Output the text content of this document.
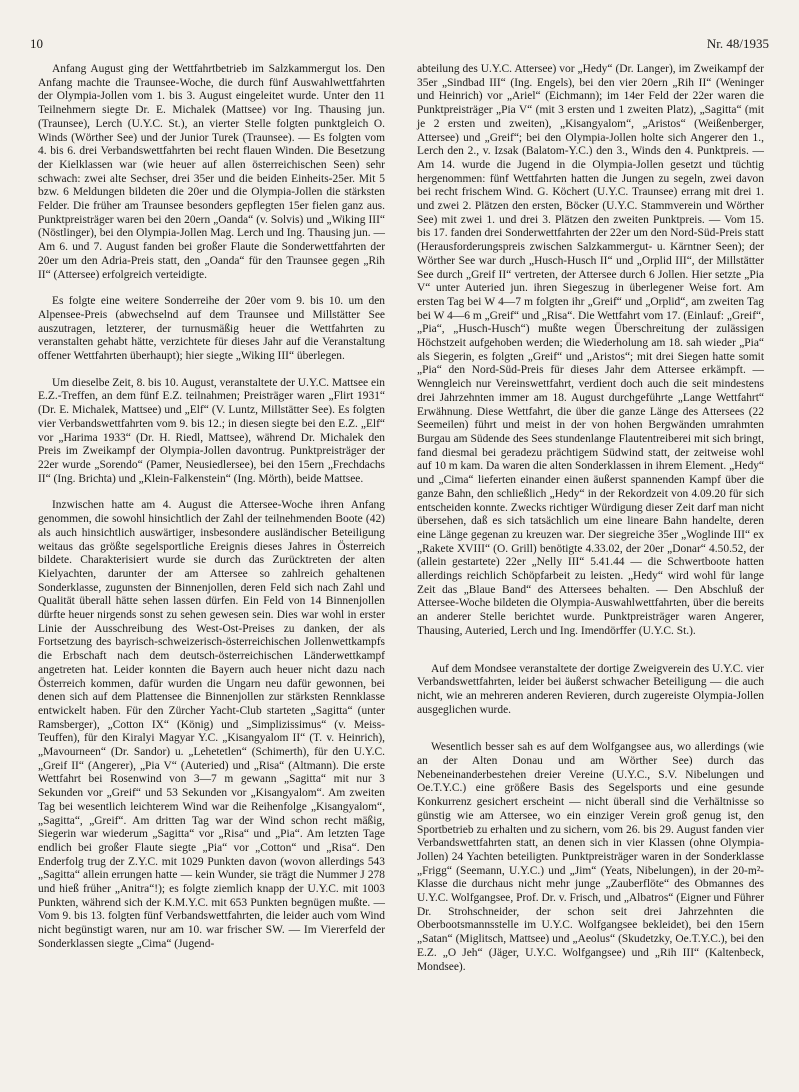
10	Nr. 48/1935

Anfang August ging der Wettfahrtbetrieb im Salzkammergut los. Den Anfang machte die Traunsee-Woche, die durch fünf Auswahlwettfahrten der Olympia-Jollen vom 1. bis 3. August eingeleitet wurde. Unter den 11 Teilnehmern siegte Dr. E. Michalek (Mattsee) vor Ing. Thausing jun. (Traunsee), Lerch (U.Y.C. St.), an vierter Stelle folgten punktgleich O. Winds (Wörther See) und der Junior Turek (Traunsee). — Es folgten vom 4. bis 6. drei Verbandswettfahrten bei recht flauen Winden. Die Besetzung der Kielklassen war (wie heuer auf allen österreichischen Seen) sehr schwach: zwei alte Sechser, drei 35er und die beiden Einheits-25er. Mit 5 bzw. 6 Meldungen bildeten die 20er und die Olympia-Jollen die stärksten Felder. Die früher am Traunsee besonders gepflegten 15er fielen ganz aus. Punktpreisträger waren bei den 20ern „Oanda“ (v. Solvis) und „Wiking III“ (Nöstlinger), bei den Olympia-Jollen Mag. Lerch und Ing. Thausing jun. — Am 6. und 7. August fanden bei großer Flaute die Sonderwettfahrten der 20er um den Adria-Preis statt, den „Oanda“ für den Traunsee gegen „Rih II“ (Attersee) erfolgreich verteidigte.

Es folgte eine weitere Sonderreihe der 20er vom 9. bis 10. um den Alpensee-Preis (abwechselnd auf dem Traunsee und Millstätter See auszutragen, letzterer, der turnusmäßig heuer die Wettfahrten zu veranstalten gehabt hätte, verzichtete für dieses Jahr auf die Veranstaltung offener Wettfahrten überhaupt); hier siegte „Wiking III“ überlegen.

Um dieselbe Zeit, 8. bis 10. August, veranstaltete der U.Y.C. Mattsee ein E.Z.-Treffen, an dem fünf E.Z. teilnahmen; Preisträger waren „Flirt 1931“ (Dr. E. Michalek, Mattsee) und „Elf“ (V. Luntz, Millstätter See). Es folgten vier Verbandswettfahrten vom 9. bis 12.; in diesen siegte bei den E.Z. „Elf“ vor „Harima 1933“ (Dr. H. Riedl, Mattsee), während Dr. Michalek den Preis im Zweikampf der Olympia-Jollen davontrug. Punktpreisträger der 22er wurde „Sorendo“ (Pamer, Neusiedlersee), bei den 15ern „Frechdachs II“ (Ing. Brichta) und „Klein-Falkenstein“ (Ing. Mörth), beide Mattsee.

Inzwischen hatte am 4. August die Attersee-Woche ihren Anfang genommen, die sowohl hinsichtlich der Zahl der teilnehmenden Boote (42) als auch hinsichtlich auswärtiger, insbesondere ausländischer Beteiligung weitaus das größte segelsportliche Ereignis dieses Jahres in Österreich bildete. Charakterisiert wurde sie durch das Zurücktreten der alten Kielyachten, darunter der am Attersee so zahlreich gehaltenen Sonderklasse, zugunsten der Binnenjollen, deren Feld sich nach Zahl und Qualität überall hätte sehen lassen dürfen. Ein Feld von 14 Binnenjollen dürfte heuer nirgends sonst zu sehen gewesen sein. Dies war wohl in erster Linie der Ausschreibung des West-Ost-Preises zu danken, der als Fortsetzung des bayrisch-schweizerisch-österreichischen Jollenwettkampfs die Erbschaft nach dem deutsch-österreichischen Länderwettkampf angetreten hat. Leider konnten die Bayern auch heuer nicht dazu nach Österreich kommen, dafür wurden die Ungarn neu dafür gewonnen, bei denen sich auf dem Plattensee die Binnenjollen zur stärksten Rennklasse entwickelt haben. Für den Zürcher Yacht-Club starteten „Sagitta“ (unter Ramsberger), „Cotton IX“ (König) und „Simplizissimus“ (v. Meiss-Teuffen), für den Kiralyi Magyar Y.C. „Kisangyalom II“ (T. v. Heinrich), „Mavourneen“ (Dr. Sandor) u. „Lehetetlen“ (Schimerth), für den U.Y.C. „Greif II“ (Angerer), „Pia V“ (Auteried) und „Risa“ (Altmann). Die erste Wettfahrt bei Rosenwind von 3—7 m gewann „Sagitta“ mit nur 3 Sekunden vor „Greif“ und 53 Sekunden vor „Kisangyalom“. Am zweiten Tag bei wesentlich leichterem Wind war die Reihenfolge „Kisangyalom“, „Sagitta“, „Greif“. Am dritten Tag war der Wind schon recht mäßig, Siegerin war wiederum „Sagitta“ vor „Risa“ und „Pia“. Am letzten Tage endlich bei großer Flaute siegte „Pia“ vor „Cotton“ und „Risa“. Den Enderfolg trug der Z.Y.C. mit 1029 Punkten davon (wovon allerdings 543 „Sagitta“ allein errungen hatte — kein Wunder, sie trägt die Nummer J 278 und hieß früher „Anitra“!); es folgte ziemlich knapp der U.Y.C. mit 1003 Punkten, während sich der K.M.Y.C. mit 653 Punkten begnügen mußte. — Vom 9. bis 13. folgten fünf Verbandswettfahrten, die leider auch vom Wind nicht begünstigt waren, nur am 10. war frischer SW. — Im Viererfeld der Sonderklassen siegte „Cima“ (Jugend-

abteilung des U.Y.C. Attersee) vor „Hedy“ (Dr. Langer), im Zweikampf der 35er „Sindbad III“ (Ing. Engels), bei den vier 20ern „Rih II“ (Weninger und Heinrich) vor „Ariel“ (Eichmann); im 14er Feld der 22er waren die Punktpreisträger „Pia V“ (mit 3 ersten und 1 zweiten Platz), „Sagitta“ (mit je 2 ersten und zweiten), „Kisangyalom“, „Aristos“ (Weißenberger, Attersee) und „Greif“; bei den Olympia-Jollen holte sich Angerer den 1., Lerch den 2., v. Izsak (Balatom-Y.C.) den 3., Winds den 4. Punktpreis. — Am 14. wurde die Jugend in die Olympia-Jollen gesetzt und tüchtig hergenommen: fünf Wettfahrten hatten die Jungen zu segeln, zwei davon bei recht frischem Wind. G. Köchert (U.Y.C. Traunsee) errang mit drei 1. und zwei 2. Plätzen den ersten, Böcker (U.Y.C. Stammverein und Wörther See) mit zwei 1. und drei 3. Plätzen den zweiten Punktpreis. — Vom 15. bis 17. fanden drei Sonderwettfahrten der 22er um den Nord-Süd-Preis statt (Herausforderungspreis zwischen Salzkammergut- u. Kärntner Seen); der Wörther See war durch „Husch-Husch II“ und „Orplid III“, der Millstätter See durch „Greif II“ vertreten, der Attersee durch 6 Jollen. Hier setzte „Pia V“ unter Auteried jun. ihren Siegeszug in überlegener Weise fort. Am ersten Tag bei W 4—7 m folgten ihr „Greif“ und „Orplid“, am zweiten Tag bei W 4—6 m „Greif“ und „Risa“. Die Wettfahrt vom 17. (Einlauf: „Greif“, „Pia“, „Husch-Husch“) mußte wegen Überschreitung der zulässigen Höchstzeit aufgehoben werden; die Wiederholung am 18. sah wieder „Pia“ als Siegerin, es folgten „Greif“ und „Aristos“; mit drei Siegen hatte somit „Pia“ den Nord-Süd-Preis für dieses Jahr dem Attersee erkämpft. — Wenngleich nur Vereinswettfahrt, verdient doch auch die seit mindestens drei Jahrzehnten immer am 18. August durchgeführte „Lange Wettfahrt“ Erwähnung. Diese Wettfahrt, die über die ganze Länge des Attersees (22 Seemeilen) führt und meist in der von hohen Bergwänden umrahmten Burgau am Südende des Sees stundenlange Flautentreiberei mit sich bringt, fand diesmal bei geradezu prächtigem Südwind statt, der zeitweise wohl auf 10 m kam. Da waren die alten Sonderklassen in ihrem Element. „Hedy“ und „Cima“ lieferten einander einen äußerst spannenden Kampf über die ganze Bahn, den schließlich „Hedy“ in der Rekordzeit von 4.09.20 für sich entscheiden konnte. Zwecks richtiger Würdigung dieser Zeit darf man nicht übersehen, daß es sich tatsächlich um eine lineare Bahn handelte, deren eine Länge gegenan zu kreuzen war. Der siegreiche 35er „Woglinde III“ ex „Rakete XVIII“ (O. Grill) benötigte 4.33.02, der 20er „Donar“ 4.50.52, der (allein gestartete) 22er „Nelly III“ 5.41.44 — die Schwertboote hatten allerdings reichlich Schöpfarbeit zu leisten. „Hedy“ wird wohl für lange Zeit das „Blaue Band“ des Attersees behalten. — Den Abschluß der Attersee-Woche bildeten die Olympia-Auswahlwettfahrten, über die bereits an anderer Stelle berichtet wurde. Punktpreisträger waren Angerer, Thausing, Auteried, Lerch und Ing. Imendörffer (U.Y.C. St.).

Auf dem Mondsee veranstaltete der dortige Zweigverein des U.Y.C. vier Verbandswettfahrten, leider bei äußerst schwacher Beteiligung — die auch nicht, wie an mehreren anderen Revieren, durch zugereiste Olympia-Jollen ausgeglichen wurde.

Wesentlich besser sah es auf dem Wolfgangsee aus, wo allerdings (wie an der Alten Donau und am Wörther See) durch das Nebeneinanderbestehen dreier Vereine (U.Y.C., S.V. Nibelungen und Oe.T.Y.C.) eine größere Basis des Segelsports und eine gesunde Konkurrenz gesichert erscheint — nicht überall sind die Verhältnisse so günstig wie am Attersee, wo ein einziger Verein groß genug ist, den Sportbetrieb zu erhalten und zu sichern, vom 26. bis 29. August fanden vier Verbandswettfahrten statt, an denen sich in vier Klassen (ohne Olympia-Jollen) 24 Yachten beteiligten. Punktpreisträger waren in der Sonderklasse „Frigg“ (Seemann, U.Y.C.) und „Jim“ (Yeats, Nibelungen), in der 20-m²-Klasse die durchaus nicht mehr junge „Zauberflöte“ des Obmannes des U.Y.C. Wolfgangsee, Prof. Dr. v. Frisch, und „Albatros“ (Eigner und Führer Dr. Strohschneider, der schon seit drei Jahrzehnten die Oberbootsmannsstelle im U.Y.C. Wolfgangsee bekleidet), bei den 15ern „Satan“ (Miglitsch, Mattsee) und „Aeolus“ (Skudetzky, Oe.T.Y.C.), bei den E.Z. „O Jeh“ (Jäger, U.Y.C. Wolfgangsee) und „Rih III“ (Kaltenbeck, Mondsee).
